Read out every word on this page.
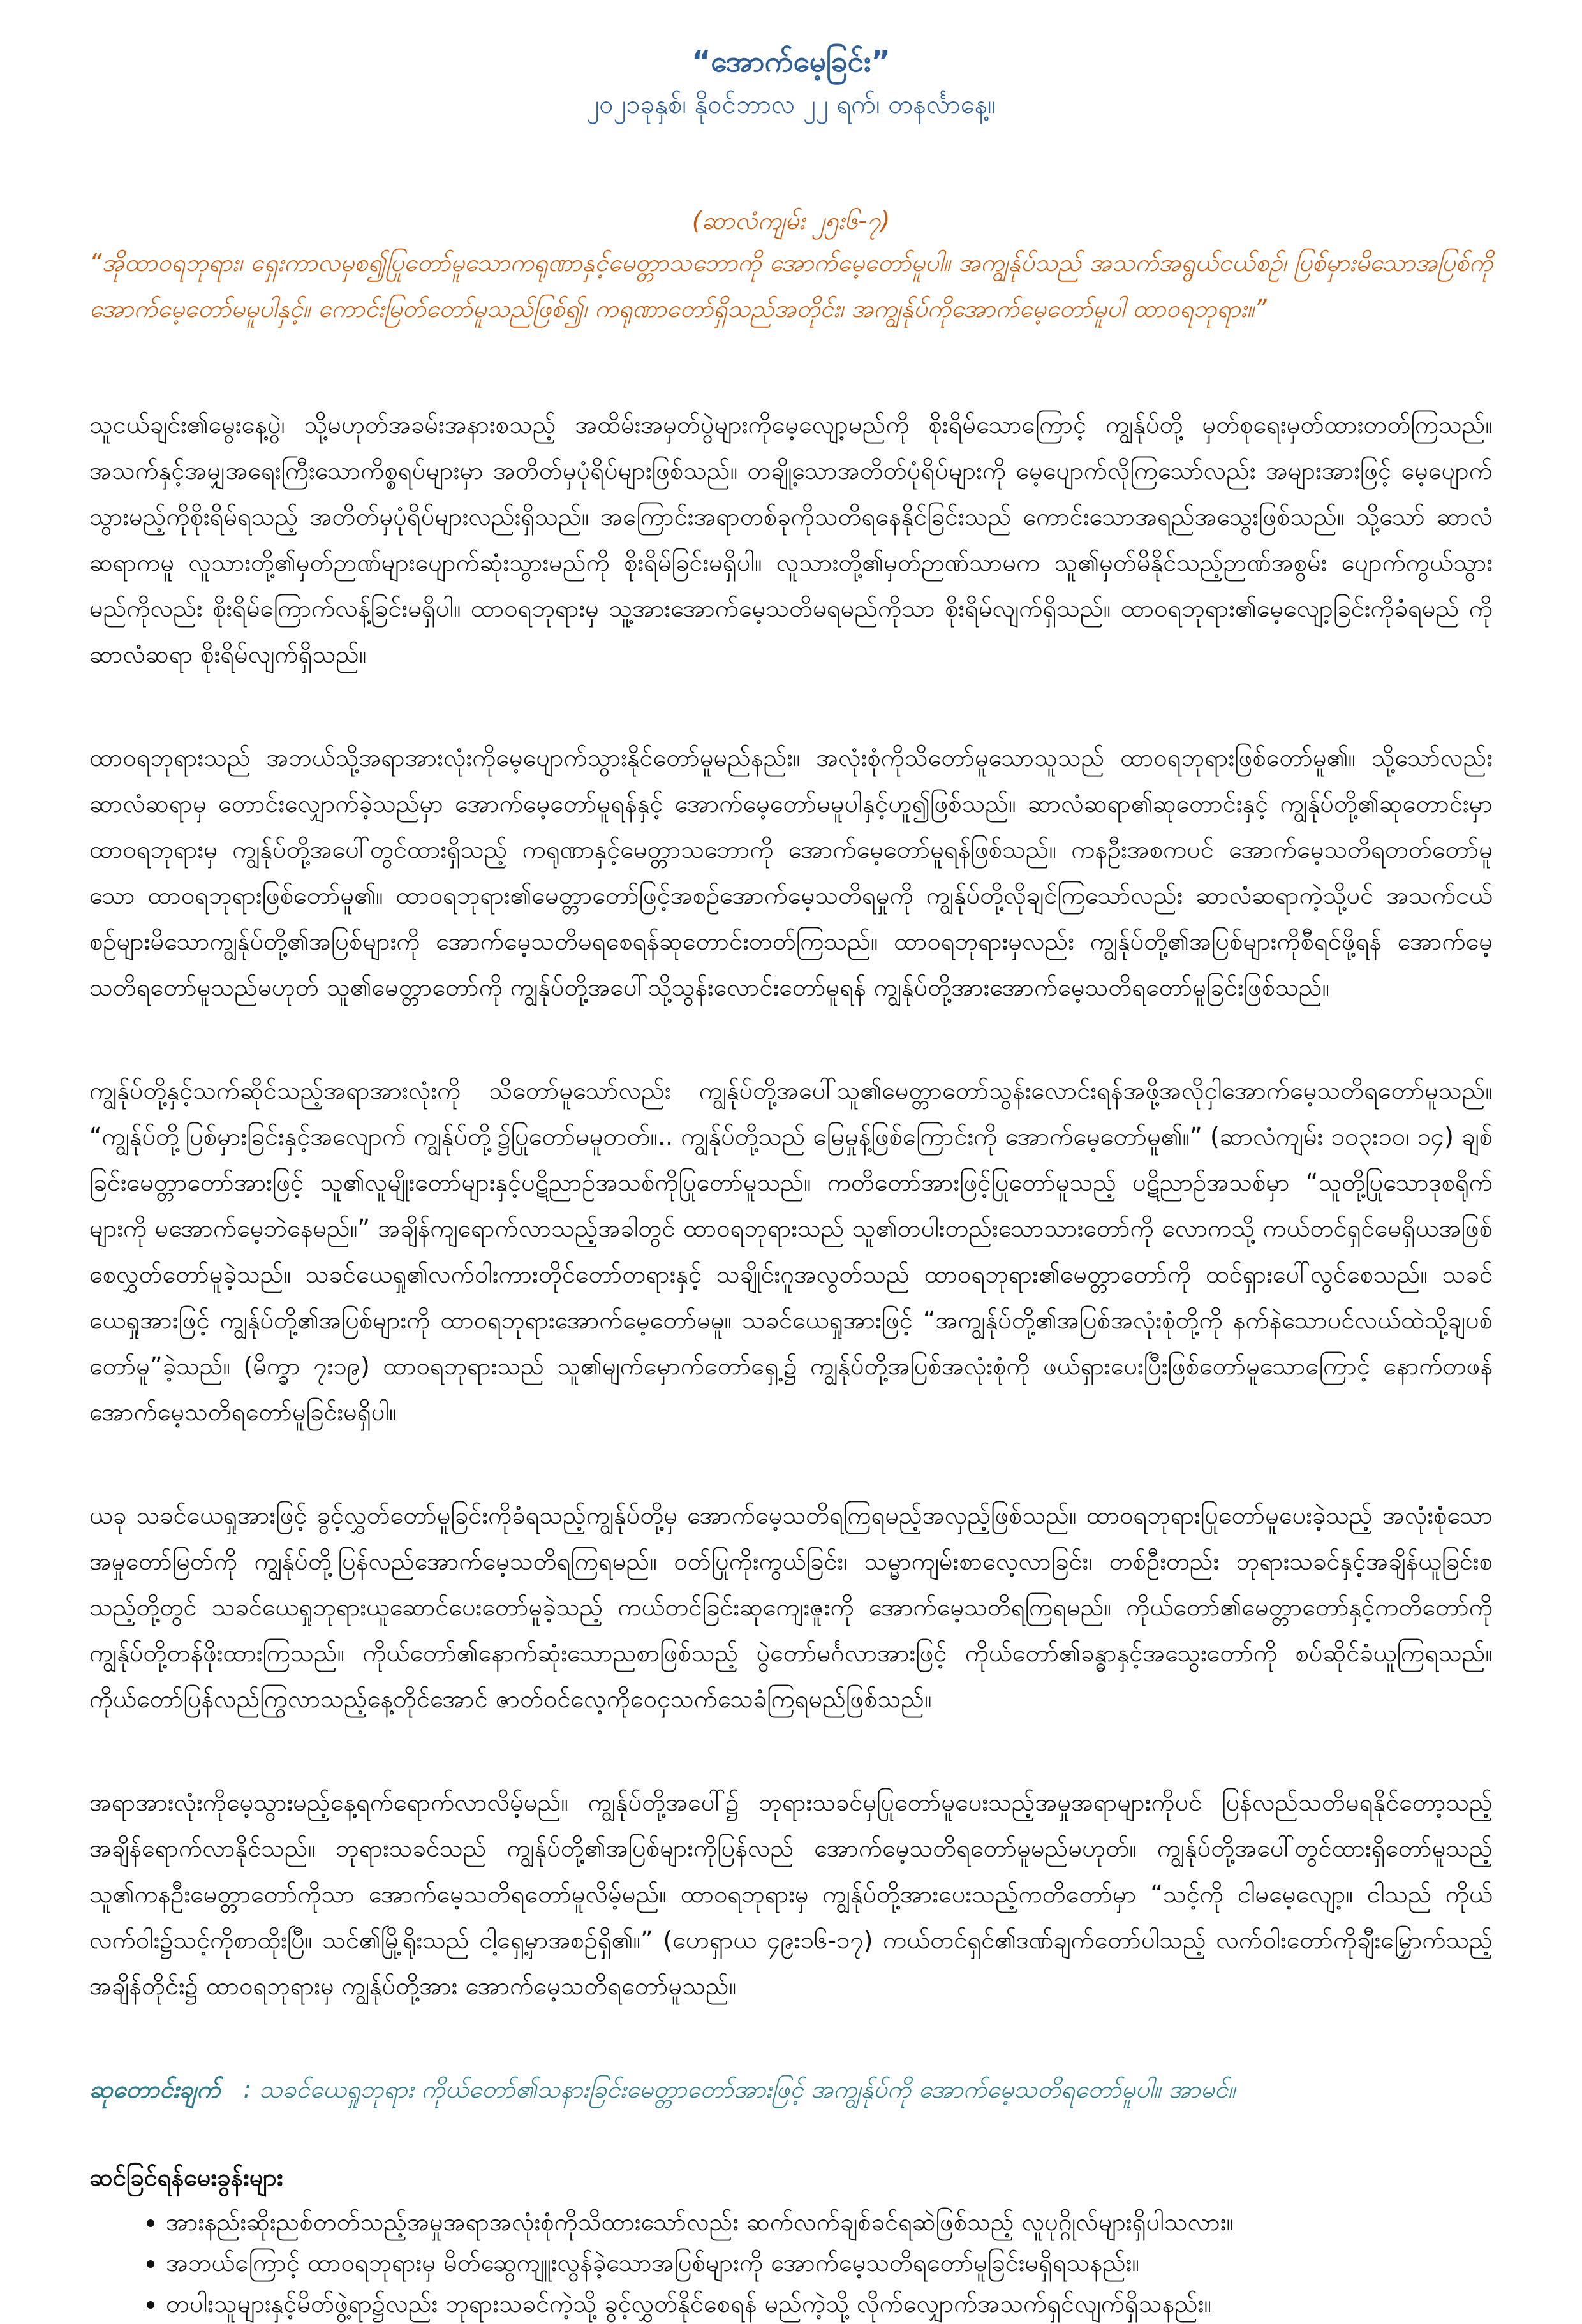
“အောက်မေ့ခြင်း”

၂၀၂၁ခုနှစ်၊ နိုဝင်ဘာလ ၂၂ ရက်၊ တနင်္လာနေ့။

(ဆာလံကျမ်း ၂၅း၆-၇)

“အိုထာဝရဘုရား၊ ရှေးကာလမှစ၍ပြုတော်မူသောကရုဏာနှင့်မေတ္တာသဘောကို အောက်မေ့တော်မူပါ။ အကျွန်ုပ်သည် အသက်အရွယ်ငယ်စဉ်၊ ပြစ်မှားမိသောအပြစ်ကိုအောက်မေ့တော်မမူပါနှင့်။ ကောင်းမြတ်တော်မူသည်ဖြစ်၍၊ ကရုဏာတော်ရှိသည်အတိုင်း၊ အကျွန်ုပ်ကိုအောက်မေ့တော်မူပါ ထာဝရဘုရား။”

သူငယ်ချင်း၏မွေးနေ့ပွဲ၊ သို့မဟုတ်အခမ်းအနားစသည့် အထိမ်းအမှတ်ပွဲများကိုမေ့လျော့မည်ကို စိုးရိမ်သောကြောင့် ကျွန်ုပ်တို့ မှတ်စုရေးမှတ်ထားတတ်ကြသည်။ အသက်နှင့်အမျှအရေးကြီးသောကိစ္စရပ်များမှာ အတိတ်မှပုံရိပ်များဖြစ်သည်။ တချို့သောအတိတ်ပုံရိပ်များကို မေ့ပျောက်လိုကြသော်လည်း အများအားဖြင့် မေ့ပျောက်သွားမည့်ကိုစိုးရိမ်ရသည့် အတိတ်မှပုံရိပ်များလည်းရှိသည်။ အကြောင်းအရာတစ်ခုကိုသတိရနေနိုင်ခြင်းသည် ကောင်းသောအရည်အသွေးဖြစ်သည်။ သို့သော် ဆာလံဆရာကမူ လူသားတို့၏မှတ်ဉာဏ်များပျောက်ဆုံးသွားမည်ကို စိုးရိမ်ခြင်းမရှိပါ။ လူသားတို့၏မှတ်ဉာဏ်သာမက သူ၏မှတ်မိနိုင်သည့်ဉာဏ်အစွမ်း ပျောက်ကွယ်သွားမည်ကိုလည်း စိုးရိမ်ကြောက်လန့်ခြင်းမရှိပါ။ ထာဝရဘုရားမှ သူ့အားအောက်မေ့သတိမရမည်ကိုသာ စိုးရိမ်လျက်ရှိသည်။ ထာဝရဘုရား၏မေ့လျော့ခြင်းကိုခံရမည် ကိုဆာလံဆရာ စိုးရိမ်လျက်ရှိသည်။

ထာဝရဘုရားသည် အဘယ်သို့အရာအားလုံးကိုမေ့ပျောက်သွားနိုင်တော်မူမည်နည်း။ အလုံးစုံကိုသိတော်မူသောသူသည် ထာဝရဘုရားဖြစ်တော်မူ၏။ သို့သော်လည်းဆာလံဆရာမှ တောင်းလျှောက်ခဲ့သည်မှာ အောက်မေ့တော်မူရန်နှင့် အောက်မေ့တော်မမူပါနှင့်ဟူ၍ဖြစ်သည်။ ဆာလံဆရာ၏ဆုတောင်းနှင့် ကျွန်ုပ်တို့၏ဆုတောင်းမှာ ထာဝရဘုရားမှ ကျွန်ုပ်တို့အပေါ်တွင်ထားရှိသည့် ကရုဏာနှင့်မေတ္တာသဘောကို အောက်မေ့တော်မူရန်ဖြစ်သည်။ ကနဦးအစကပင် အောက်မေ့သတိရတတ်တော်မူသော ထာဝရဘုရားဖြစ်တော်မူ၏။ ထာဝရဘုရား၏မေတ္တာတော်ဖြင့်အစဉ်အောက်မေ့သတိရမှုကို ကျွန်ုပ်တို့လိုချင်ကြသော်လည်း ဆာလံဆရာကဲ့သို့ပင် အသက်ငယ်စဉ်များမိသောကျွန်ုပ်တို့၏အပြစ်များကို အောက်မေ့သတိမရစေရန်ဆုတောင်းတတ်ကြသည်။ ထာဝရဘုရားမှလည်း ကျွန်ုပ်တို့၏အပြစ်များကိုစီရင်ဖို့ရန် အောက်မေ့သတိရတော်မူသည်မဟုတ် သူ၏မေတ္တာတော်ကို ကျွန်ုပ်တို့အပေါ်သို့သွန်းလောင်းတော်မူရန် ကျွန်ုပ်တို့အားအောက်မေ့သတိရတော်မူခြင်းဖြစ်သည်။

ကျွန်ုပ်တို့နှင့်သက်ဆိုင်သည့်အရာအားလုံးကို သိတော်မူသော်လည်း ကျွန်ုပ်တို့အပေါ်သူ၏မေတ္တာတော်သွန်းလောင်းရန်အဖို့အလိုငှါအောက်မေ့သတိရတော်မူသည်။ “ကျွန်ုပ်တို့ပြစ်မှားခြင်းနှင့်အလျောက် ကျွန်ုပ်တို့၌ပြုတော်မမူတတ်။.. ကျွန်ုပ်တို့သည် မြေမှုန့်ဖြစ်ကြောင်းကို အောက်မေ့တော်မူ၏။” (ဆာလံကျမ်း ၁၀၃း၁၀၊ ၁၄) ချစ်ခြင်းမေတ္တာတော်အားဖြင့် သူ၏လူမျိုးတော်များနှင့်ပဋိညာဉ်အသစ်ကိုပြုတော်မူသည်။ ကတိတော်အားဖြင့်ပြုတော်မူသည့် ပဋိညာဉ်အသစ်မှာ “သူတို့ပြုသောဒုစရိုက်များကို မအောက်မေ့ဘဲနေမည်။” အချိန်ကျရောက်လာသည့်အခါတွင် ထာဝရဘုရားသည် သူ၏တပါးတည်းသောသားတော်ကို လောကသို့ ကယ်တင်ရှင်မေရှိယအဖြစ်စေလွှတ်တော်မူခဲ့သည်။ သခင်ယေရှု၏လက်ဝါးကားတိုင်တော်တရားနှင့် သချိုင်းဂူအလွတ်သည် ထာဝရဘုရား၏မေတ္တာတော်ကို ထင်ရှားပေါ်လွင်စေသည်။ သခင်ယေရှုအားဖြင့် ကျွန်ုပ်တို့၏အပြစ်များကို ထာဝရဘုရားအောက်မေ့တော်မမူ။ သခင်ယေရှုအားဖြင့် “အကျွန်ုပ်တို့၏အပြစ်အလုံးစုံတို့ကို နက်နဲသောပင်လယ်ထဲသို့ချပစ်တော်မူ”ခဲ့သည်။ (မိက္ခာ ၇း၁၉) ထာဝရဘုရားသည် သူ၏မျက်မှောက်တော်ရှေ့၌ ကျွန်ုပ်တို့အပြစ်အလုံးစုံကို ဖယ်ရှားပေးပြီးဖြစ်တော်မူသောကြောင့် နောက်တဖန် အောက်မေ့သတိရတော်မူခြင်းမရှိပါ။

ယခု သခင်ယေရှုအားဖြင့် ခွင့်လွှတ်တော်မူခြင်းကိုခံရသည့်ကျွန်ုပ်တို့မှ အောက်မေ့သတိရကြရမည့်အလှည့်ဖြစ်သည်။ ထာဝရဘုရားပြုတော်မူပေးခဲ့သည့် အလုံးစုံသောအမှုတော်မြတ်ကို ကျွန်ုပ်တို့ပြန်လည်အောက်မေ့သတိရကြရမည်။ ဝတ်ပြုကိုးကွယ်ခြင်း၊ သမ္မာကျမ်းစာလေ့လာခြင်း၊ တစ်ဦးတည်း ဘုရားသခင်နှင့်အချိန်ယူခြင်းစသည့်တို့တွင် သခင်ယေရှုဘုရားယူဆောင်ပေးတော်မူခဲ့သည့် ကယ်တင်ခြင်းဆုကျေးဇူးကို အောက်မေ့သတိရကြရမည်။ ကိုယ်တော်၏မေတ္တာတော်နှင့်ကတိတော်ကို ကျွန်ုပ်တို့တန်ဖိုးထားကြသည်။ ကိုယ်တော်၏နောက်ဆုံးသောညစာဖြစ်သည့် ပွဲတော်မင်္ဂလာအားဖြင့် ကိုယ်တော်၏ခန္ဓာနှင့်အသွေးတော်ကို စပ်ဆိုင်ခံယူကြရသည်။ ကိုယ်တော်ပြန်လည်ကြွလာသည့်နေ့တိုင်အောင် ဇာတ်ဝင်လေ့ကိုဝေငှသက်သေခံကြရမည်ဖြစ်သည်။

အရာအားလုံးကိုမေ့သွားမည့်နေ့ရက်ရောက်လာလိမ့်မည်။ ကျွန်ုပ်တို့အပေါ်၌ ဘုရားသခင်မှပြုတော်မူပေးသည့်အမှုအရာများကိုပင် ပြန်လည်သတိမရနိုင်တော့သည့် အချိန်ရောက်လာနိုင်သည်။ ဘုရားသခင်သည် ကျွန်ုပ်တို့၏အပြစ်များကိုပြန်လည် အောက်မေ့သတိရတော်မူမည်မဟုတ်။ ကျွန်ုပ်တို့အပေါ်တွင်ထားရှိတော်မူသည့် သူ၏ကနဦးမေတ္တာတော်ကိုသာ အောက်မေ့သတိရတော်မူလိမ့်မည်။ ထာဝရဘုရားမှ ကျွန်ုပ်တို့အားပေးသည့်ကတိတော်မှာ “သင့်ကို ငါမမေ့လျော့။ ငါသည် ကိုယ်လက်ဝါး၌သင့်ကိုစာထိုးပြီ။ သင်၏မြို့ရိုးသည် ငါ့ရှေ့မှာအစဉ်ရှိ၏။” (ဟေရှာယ ၄၉း၁၆-၁၇) ကယ်တင်ရှင်၏ဒဏ်ချက်တော်ပါသည့် လက်ဝါးတော်ကိုချီးမြှောက်သည့်အချိန်တိုင်း၌ ထာဝရဘုရားမှ ကျွန်ုပ်တို့အား အောက်မေ့သတိရတော်မူသည်။

ဆုတောင်းချက် : သခင်ယေရှုဘုရား ကိုယ်တော်၏သနားခြင်းမေတ္တာတော်အားဖြင့် အကျွန်ုပ်ကို အောက်မေ့သတိရတော်မူပါ။ အာမင်။

ဆင်ခြင်ရန်မေးခွန်းများ

• အားနည်းဆိုးညစ်တတ်သည့်အမှုအရာအလုံးစုံကိုသိထားသော်လည်း ဆက်လက်ချစ်ခင်ရဆဲဖြစ်သည့် လူပုဂ္ဂိုလ်များရှိပါသလား။
• အဘယ်ကြောင့် ထာဝရဘုရားမှ မိတ်ဆွေကျူးလွန်ခဲ့သောအပြစ်များကို အောက်မေ့သတိရတော်မူခြင်းမရှိရသနည်း။
• တပါးသူများနှင့်မိတ်ဖွဲ့ရာ၌လည်း ဘုရားသခင်ကဲ့သို့ ခွင့်လွှတ်နိုင်စေရန် မည်ကဲ့သို့ လိုက်လျှောက်အသက်ရှင်လျက်ရှိသနည်း။
